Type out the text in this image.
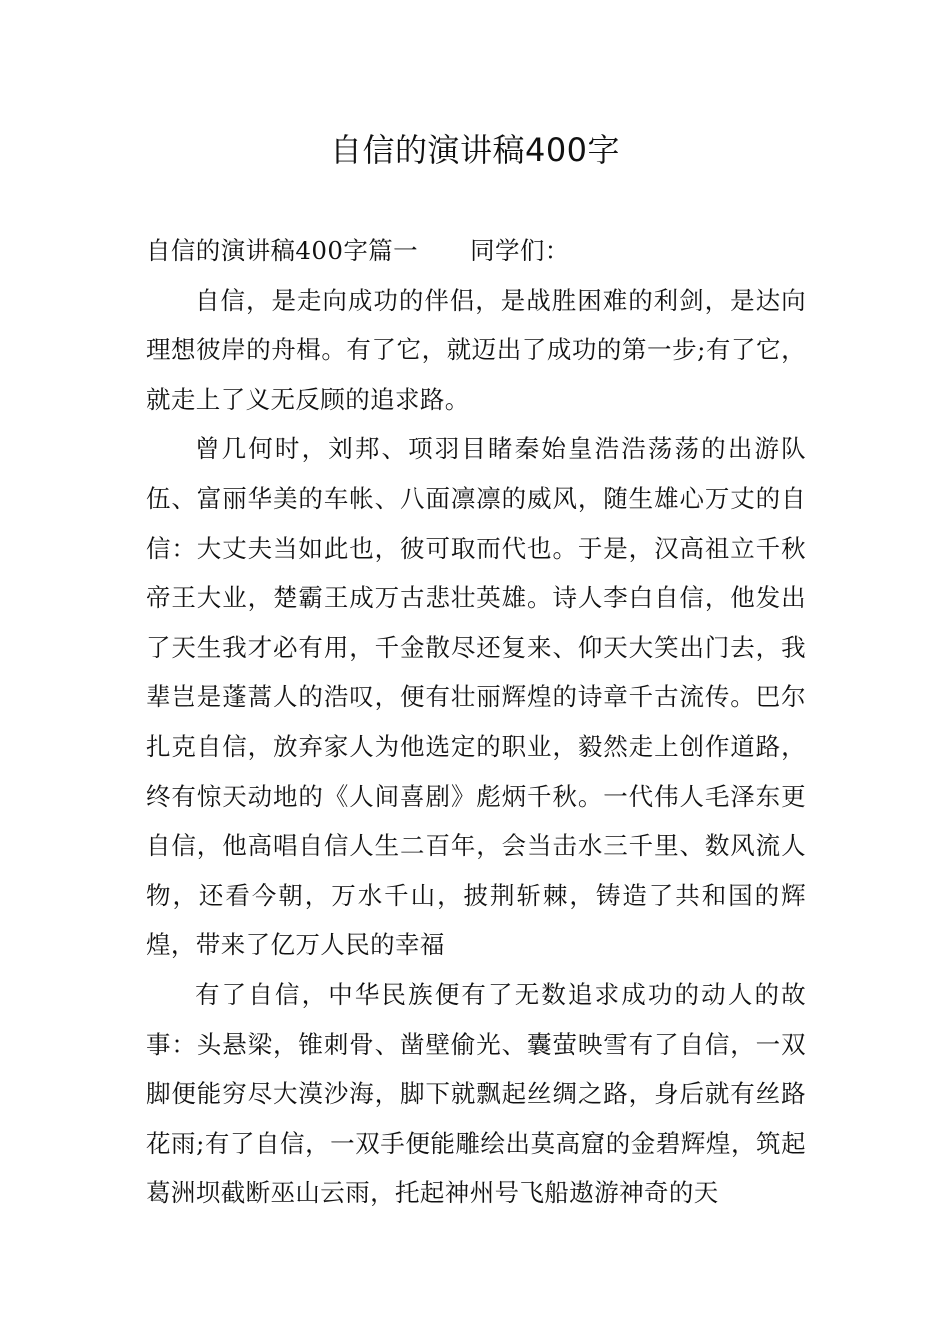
自信的演讲稿400字

自信的演讲稿400字篇一 同学们：

自信，是走向成功的伴侣，是战胜困难的利剑，是达向理想彼岸的舟楫。有了它，就迈出了成功的第一步;有了它，就走上了义无反顾的追求路。

曾几何时，刘邦、项羽目睹秦始皇浩浩荡荡的出游队伍、富丽华美的车帐、八面凛凛的威风，随生雄心万丈的自信：大丈夫当如此也，彼可取而代也。于是，汉高祖立千秋帝王大业，楚霸王成万古悲壮英雄。诗人李白自信，他发出了天生我才必有用，千金散尽还复来、仰天大笑出门去，我辈岂是蓬蒿人的浩叹，便有壮丽辉煌的诗章千古流传。巴尔扎克自信，放弃家人为他选定的职业，毅然走上创作道路，终有惊天动地的《人间喜剧》彪炳千秋。一代伟人毛泽东更自信，他高唱自信人生二百年，会当击水三千里、数风流人物，还看今朝，万水千山，披荆斩棘，铸造了共和国的辉煌，带来了亿万人民的幸福

有了自信，中华民族便有了无数追求成功的动人的故事：头悬梁，锥刺骨、凿壁偷光、囊萤映雪有了自信，一双脚便能穷尽大漠沙海，脚下就飘起丝绸之路，身后就有丝路花雨;有了自信，一双手便能雕绘出莫高窟的金碧辉煌，筑起葛洲坝截断巫山云雨，托起神州号飞船遨游神奇的天
